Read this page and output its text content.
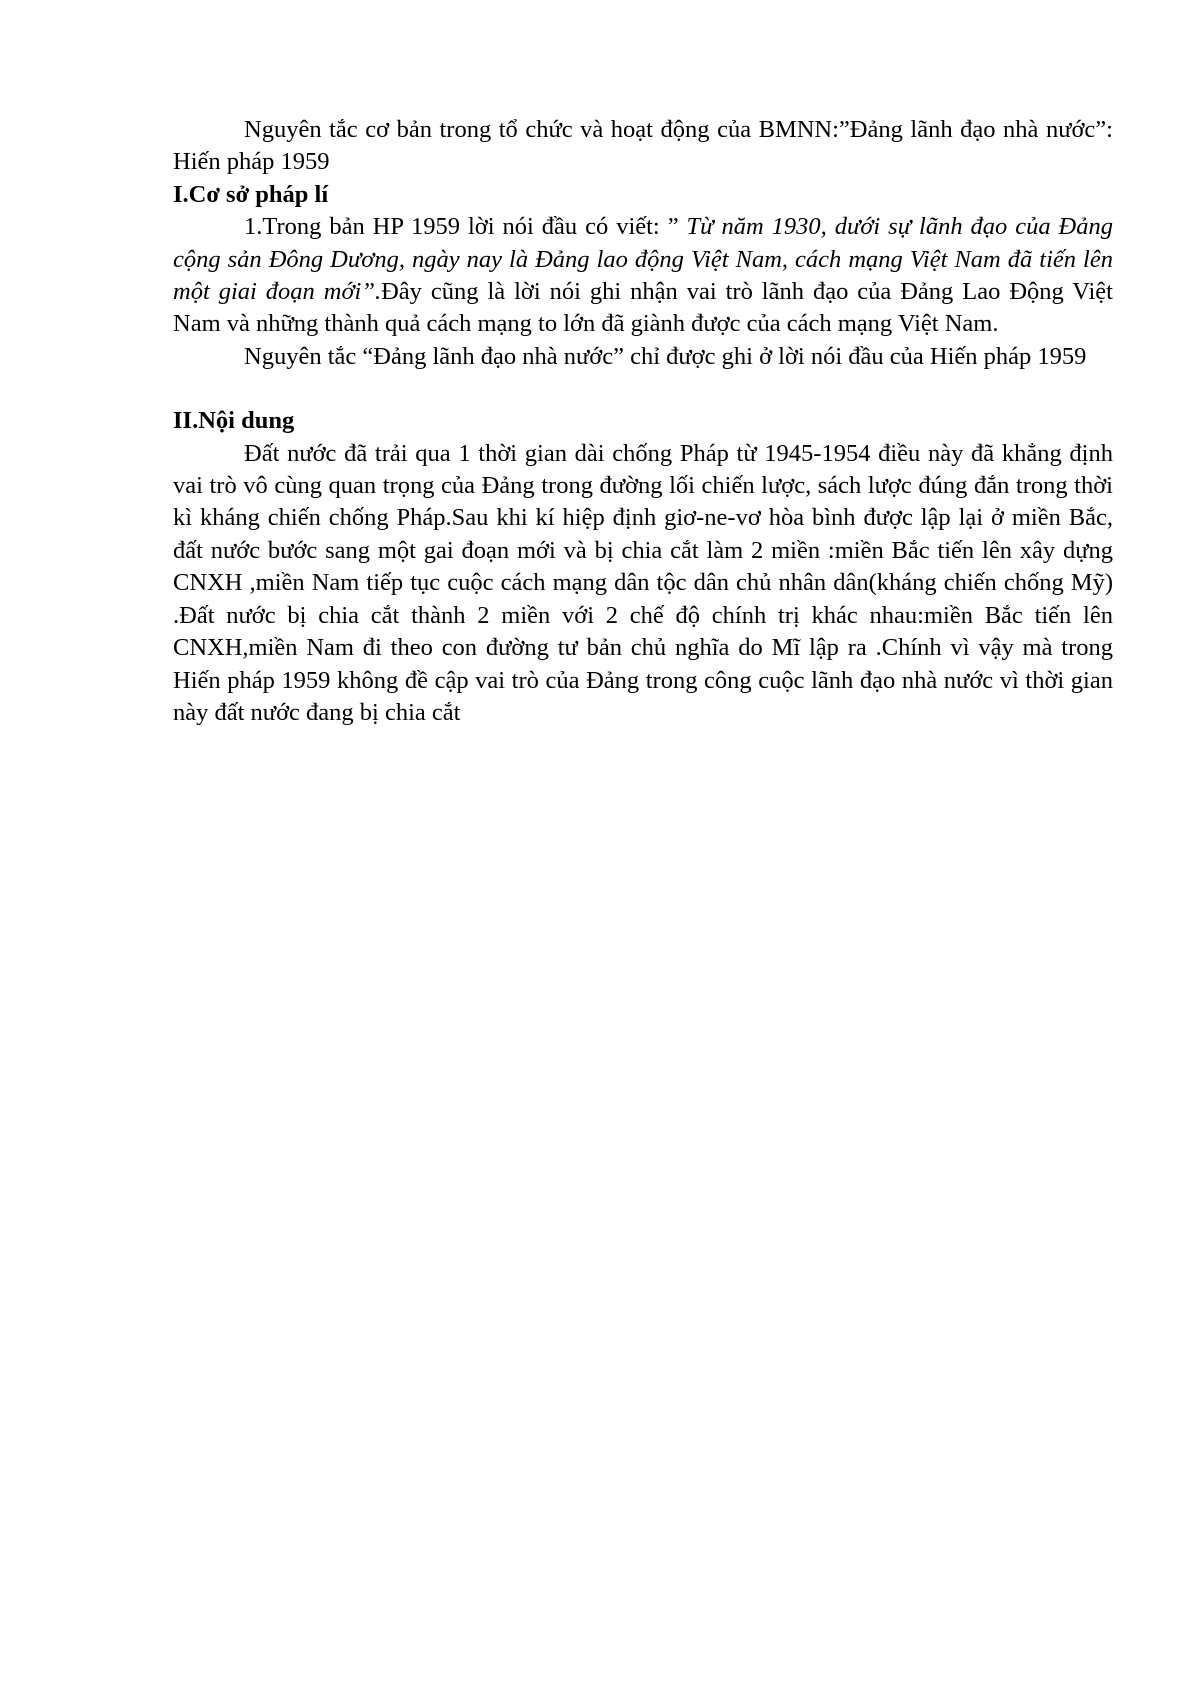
Nguyên tắc cơ bản trong tổ chức và hoạt động của BMNN:”Đảng lãnh đạo nhà nước”: Hiến pháp 1959

I.Cơ sở pháp lí

1.Trong bản HP 1959 lời nói đầu có viết: ” Từ năm 1930, dưới sự lãnh đạo của Đảng cộng sản Đông Dương, ngày nay là Đảng lao động Việt Nam, cách mạng Việt Nam đã tiến lên một giai đoạn mới”.Đây cũng là lời nói ghi nhận vai trò lãnh đạo của Đảng Lao Động Việt Nam và những thành quả cách mạng to lớn đã giành được của cách mạng Việt Nam.

Nguyên tắc “Đảng lãnh đạo nhà nước” chỉ được ghi ở lời nói đầu của Hiến pháp 1959

II.Nội dung

Đất nước đã trải qua 1 thời gian dài chống Pháp từ 1945-1954 điều này đã khẳng định vai trò vô cùng quan trọng của Đảng trong đường lối chiến lược, sách lược đúng đắn trong thời kì kháng chiến chống Pháp.Sau khi kí hiệp định giơ-ne-vơ hòa bình được lập lại ở miền Bắc, đất nước bước sang một gai đoạn mới và bị chia cắt làm 2 miền :miền Bắc tiến lên xây dựng CNXH ,miền Nam tiếp tục cuộc cách mạng dân tộc dân chủ nhân dân(kháng chiến chống Mỹ) .Đất nước bị chia cắt thành 2 miền với 2 chế độ chính trị khác nhau:miền Bắc tiến lên CNXH,miền Nam đi theo con đường tư bản chủ nghĩa do Mĩ lập ra .Chính vì vậy mà trong Hiến pháp 1959 không đề cập vai trò của Đảng trong công cuộc lãnh đạo nhà nước vì thời gian này đất nước đang bị chia cắt
